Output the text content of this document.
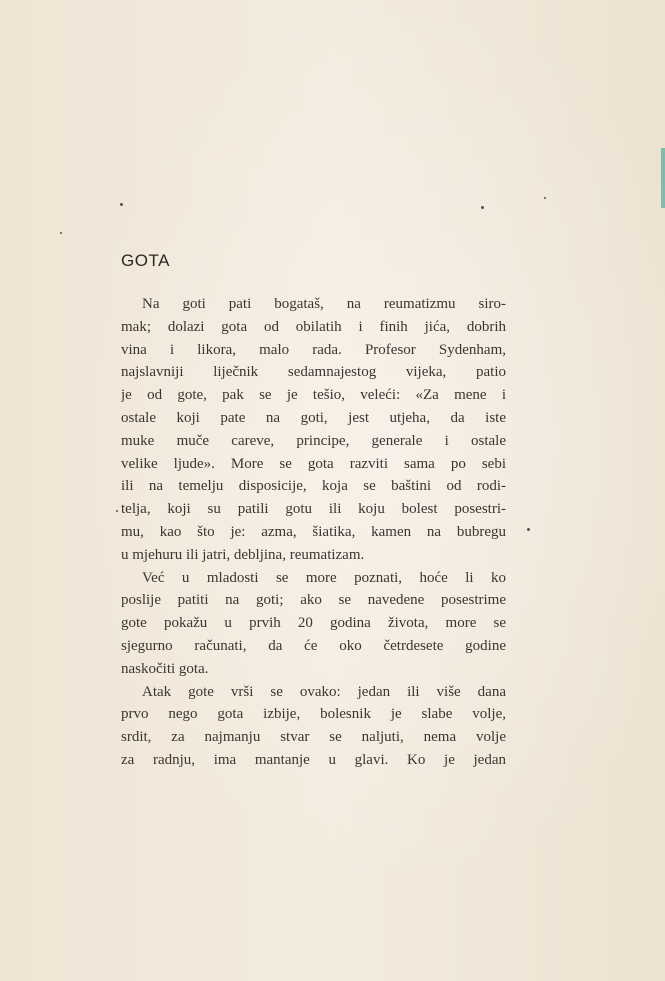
GOTA
Na goti pati bogataš, na reumatizmu siro-
mak; dolazi gota od obilatih i finih jića, dobrih
vina i likora, malo rada. Profesor Sydenham,
najslavniji liječnik sedamnajestog vijeka, patio
je od gote, pak se je tešio, veleći: «Za mene i
ostale koji pate na goti, jest utjeha, da iste
muke muče careve, principe, generale i ostale
velike ljude». More se gota razviti sama po sebi
ili na temelju disposicije, koja se baštini od rodi-
telja, koji su patili gotu ili koju bolest posestri-
mu, kao što je: azma, šiatika, kamen na bubregu
u mjehuru ili jatri, debljina, reumatizam.
Već u mladosti se more poznati, hoće li ko
poslije patiti na goti; ako se navedene posestrime
gote pokažu u prvih 20 godina života, more se
sjegurno računati, da će oko četrdesete godine
naskočiti gota.
Atak gote vrši se ovako: jedan ili više dana
prvo nego gota izbije, bolesnik je slabe volje,
srdit, za najmanju stvar se naljuti, nema volje
za radnju, ima mantanje u glavi. Ko je jedan
